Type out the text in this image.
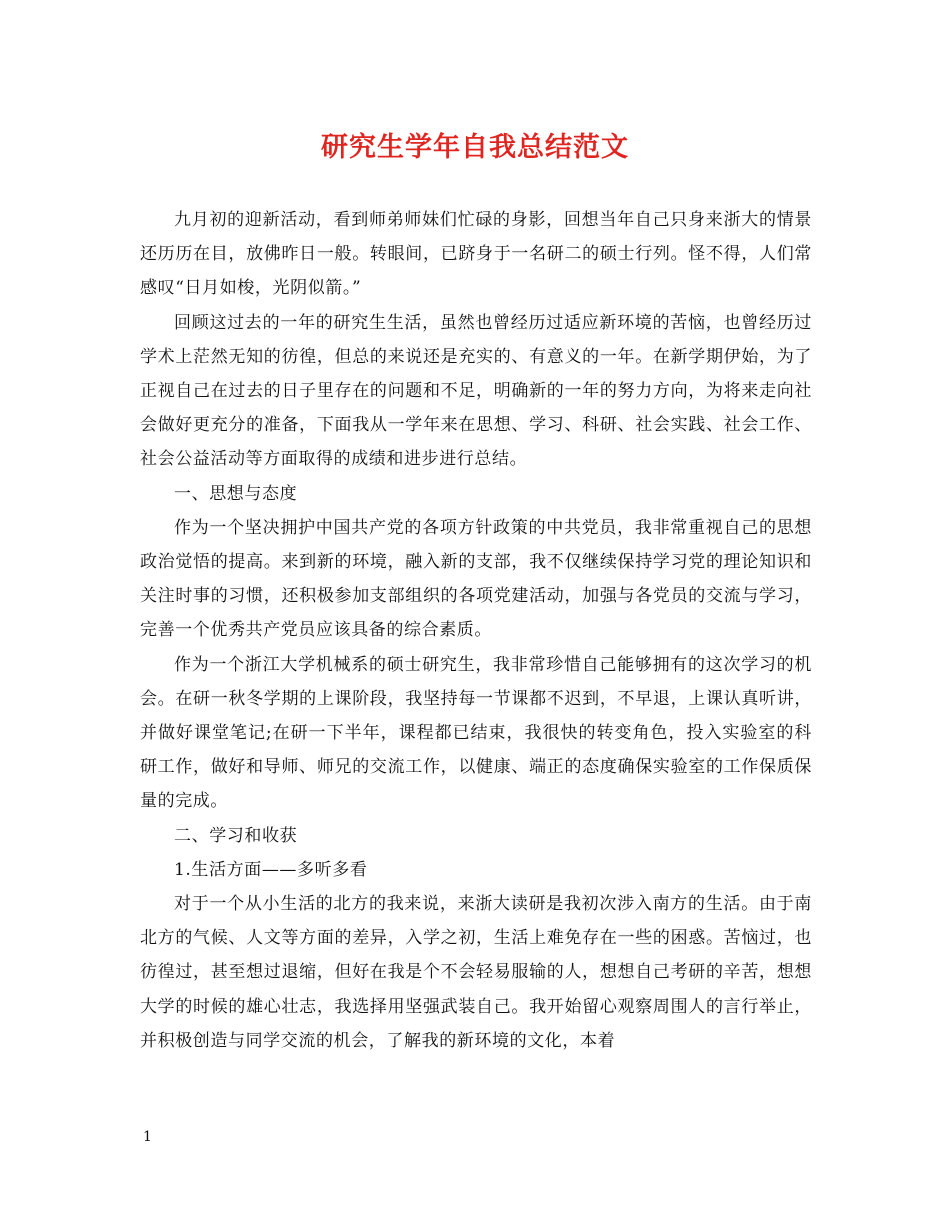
研究生学年自我总结范文

九月初的迎新活动，看到师弟师妹们忙碌的身影，回想当年自己只身来浙大的情景还历历在目，放佛昨日一般。转眼间，已跻身于一名研二的硕士行列。怪不得，人们常感叹“日月如梭，光阴似箭。”

回顾这过去的一年的研究生生活，虽然也曾经历过适应新环境的苦恼，也曾经历过学术上茫然无知的彷徨，但总的来说还是充实的、有意义的一年。在新学期伊始，为了正视自己在过去的日子里存在的问题和不足，明确新的一年的努力方向，为将来走向社会做好更充分的准备，下面我从一学年来在思想、学习、科研、社会实践、社会工作、社会公益活动等方面取得的成绩和进步进行总结。

一、思想与态度

作为一个坚决拥护中国共产党的各项方针政策的中共党员，我非常重视自己的思想政治觉悟的提高。来到新的环境，融入新的支部，我不仅继续保持学习党的理论知识和关注时事的习惯，还积极参加支部组织的各项党建活动，加强与各党员的交流与学习，完善一个优秀共产党员应该具备的综合素质。

作为一个浙江大学机械系的硕士研究生，我非常珍惜自己能够拥有的这次学习的机会。在研一秋冬学期的上课阶段，我坚持每一节课都不迟到，不早退，上课认真听讲，并做好课堂笔记;在研一下半年，课程都已结束，我很快的转变角色，投入实验室的科研工作，做好和导师、师兄的交流工作，以健康、端正的态度确保实验室的工作保质保量的完成。

二、学习和收获

1.生活方面——多听多看

对于一个从小生活的北方的我来说，来浙大读研是我初次涉入南方的生活。由于南北方的气候、人文等方面的差异，入学之初，生活上难免存在一些的困惑。苦恼过，也彷徨过，甚至想过退缩，但好在我是个不会轻易服输的人，想想自己考研的辛苦，想想大学的时候的雄心壮志，我选择用坚强武装自己。我开始留心观察周围人的言行举止，并积极创造与同学交流的机会，了解我的新环境的文化，本着

1
